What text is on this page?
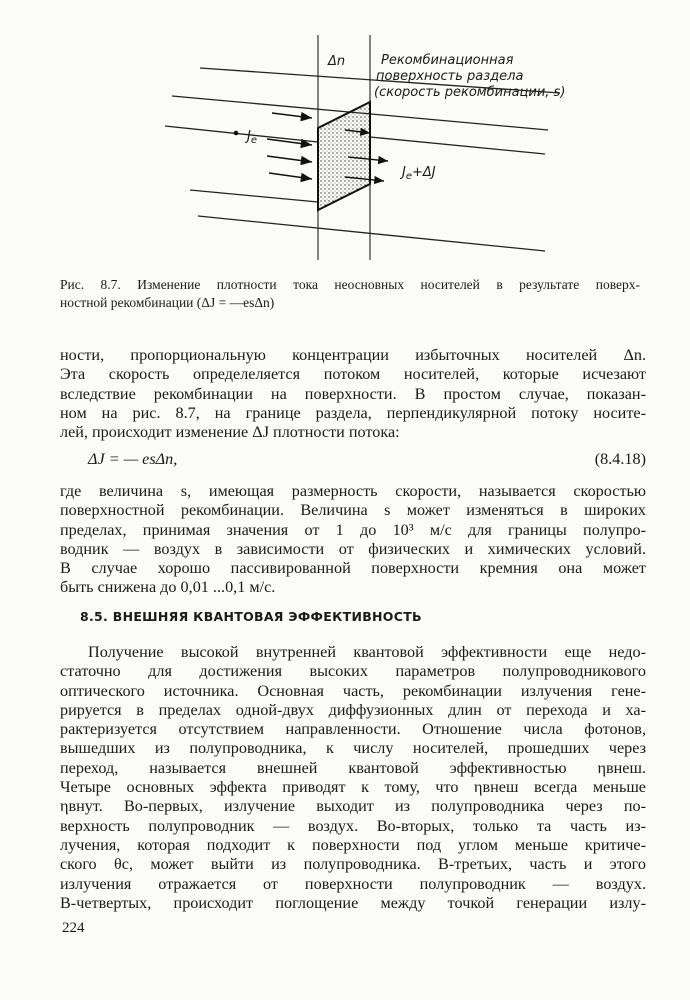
Δn	Рекомбинационная
поверхность раздела
(скорость рекомбинации, s)
$J_e$
$J_e+\Delta J$
Рис. 8.7. Изменение плотности тока неосновных носителей в результате поверх-
ностной рекомбинации (ΔJ = —esΔn)
ности, пропорциональную концентрации избыточных носителей Δn.
Эта скорость определеляется потоком носителей, которые исчезают
вследствие рекомбинации на поверхности. В простом случае, показан-
ном на рис. 8.7, на границе раздела, перпендикулярной потоку носите-
лей, происходит изменение ΔJ плотности потока:
ΔJ = — esΔn,	(8.4.18)
где величина s, имеющая размерность скорости, называется скоростью
поверхностной рекомбинации. Величина s может изменяться в широких
пределах, принимая значения от 1 до 10³ м/с для границы полупро-
водник — воздух в зависимости от физических и химических условий.
В случае хорошо пассивированной поверхности кремния она может
быть снижена до 0,01 ...0,1 м/с.
8.5. ВНЕШНЯЯ КВАНТОВАЯ ЭФФЕКТИВНОСТЬ
Получение высокой внутренней квантовой эффективности еще недо-
статочно для достижения высоких параметров полупроводникового
оптического источника. Основная часть, рекомбинации излучения гене-
рируется в пределах одной-двух диффузионных длин от перехода и ха-
рактеризуется отсутствием направленности. Отношение числа фотонов,
вышедших из полупроводника, к числу носителей, прошедших через
переход, называется внешней квантовой эффективностью ηвнеш.
Четыре основных эффекта приводят к тому, что ηвнеш всегда меньше
ηвнут. Во-первых, излучение выходит из полупроводника через по-
верхность полупроводник — воздух. Во-вторых, только та часть из-
лучения, которая подходит к поверхности под углом меньше критиче-
ского θc, может выйти из полупроводника. В-третьих, часть и этого
излучения отражается от поверхности полупроводник — воздух.
В-четвертых, происходит поглощение между точкой генерации излу-
224
